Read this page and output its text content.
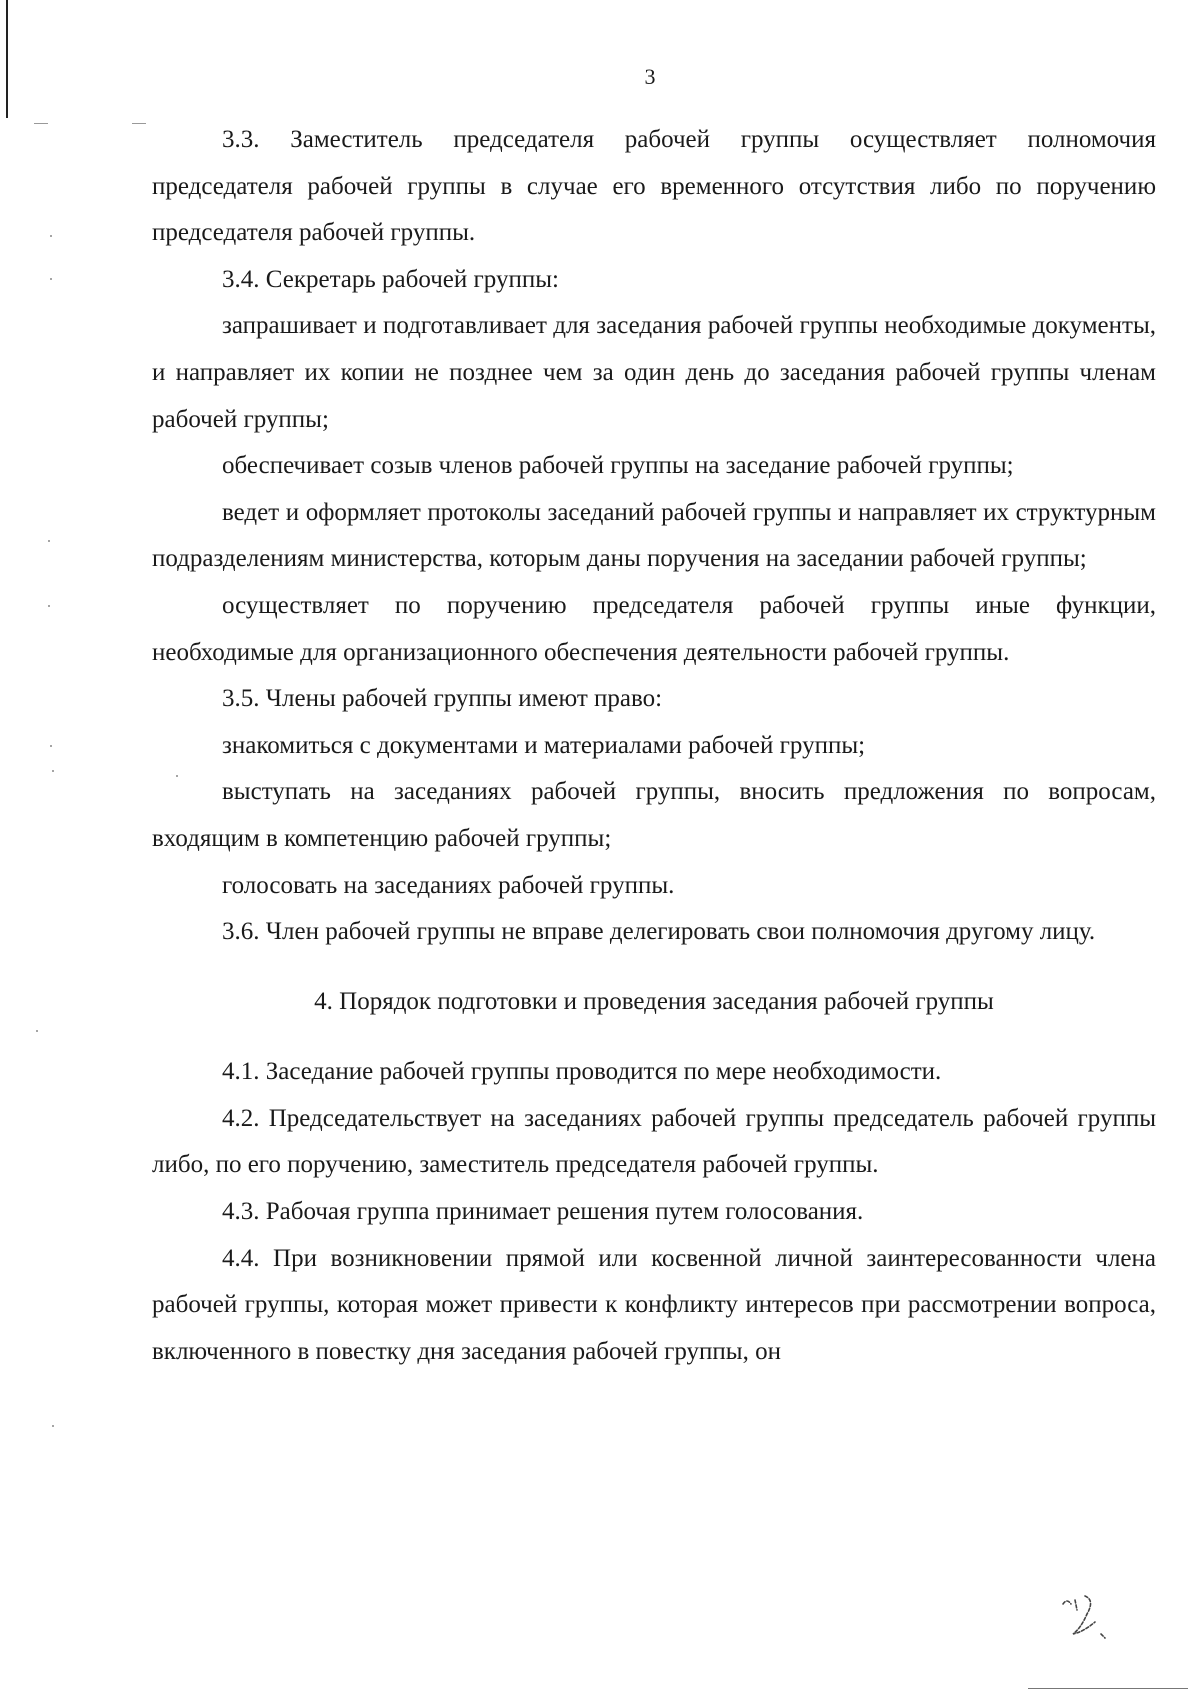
3

3.3. Заместитель председателя рабочей группы осуществляет полномочия председателя рабочей группы в случае его временного отсутствия либо по поручению председателя рабочей группы.

3.4. Секретарь рабочей группы:

запрашивает и подготавливает для заседания рабочей группы необходимые документы, и направляет их копии не позднее чем за один день до заседания рабочей группы членам рабочей группы;

обеспечивает созыв членов рабочей группы на заседание рабочей группы;

ведет и оформляет протоколы заседаний рабочей группы и направляет их структурным подразделениям министерства, которым даны поручения на заседании рабочей группы;

осуществляет по поручению председателя рабочей группы иные функции, необходимые для организационного обеспечения деятельности рабочей группы.

3.5. Члены рабочей группы имеют право:

знакомиться с документами и материалами рабочей группы;

выступать на заседаниях рабочей группы, вносить предложения по вопросам, входящим в компетенцию рабочей группы;

голосовать на заседаниях рабочей группы.

3.6. Член рабочей группы не вправе делегировать свои полномочия другому лицу.

4. Порядок подготовки и проведения заседания рабочей группы

4.1. Заседание рабочей группы проводится по мере необходимости.

4.2. Председательствует на заседаниях рабочей группы председатель рабочей группы либо, по его поручению, заместитель председателя рабочей группы.

4.3. Рабочая группа принимает решения путем голосования.

4.4. При возникновении прямой или косвенной личной заинтересованности члена рабочей группы, которая может привести к конфликту интересов при рассмотрении вопроса, включенного в повестку дня заседания рабочей группы, он
